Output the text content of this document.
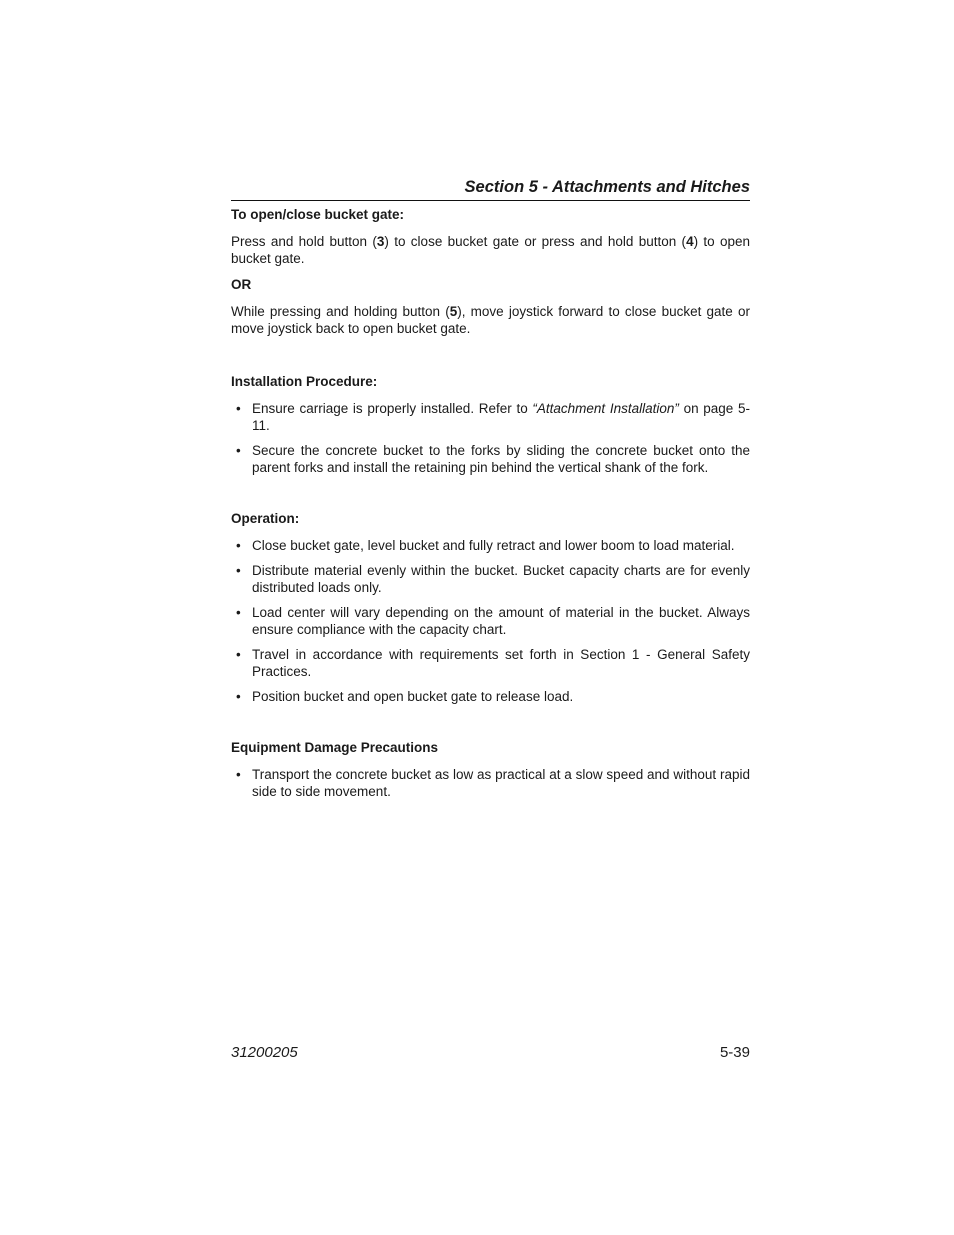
Section 5 - Attachments and Hitches
To open/close bucket gate:
Press and hold button (3) to close bucket gate or press and hold button (4) to open bucket gate.
OR
While pressing and holding button (5), move joystick forward to close bucket gate or move joystick back to open bucket gate.
Installation Procedure:
• Ensure carriage is properly installed. Refer to “Attachment Installation” on page 5-11.
• Secure the concrete bucket to the forks by sliding the concrete bucket onto the parent forks and install the retaining pin behind the vertical shank of the fork.
Operation:
• Close bucket gate, level bucket and fully retract and lower boom to load material.
• Distribute material evenly within the bucket. Bucket capacity charts are for evenly distributed loads only.
• Load center will vary depending on the amount of material in the bucket. Always ensure compliance with the capacity chart.
• Travel in accordance with requirements set forth in Section 1 - General Safety Practices.
• Position bucket and open bucket gate to release load.
Equipment Damage Precautions
• Transport the concrete bucket as low as practical at a slow speed and without rapid side to side movement.
31200205	5-39
